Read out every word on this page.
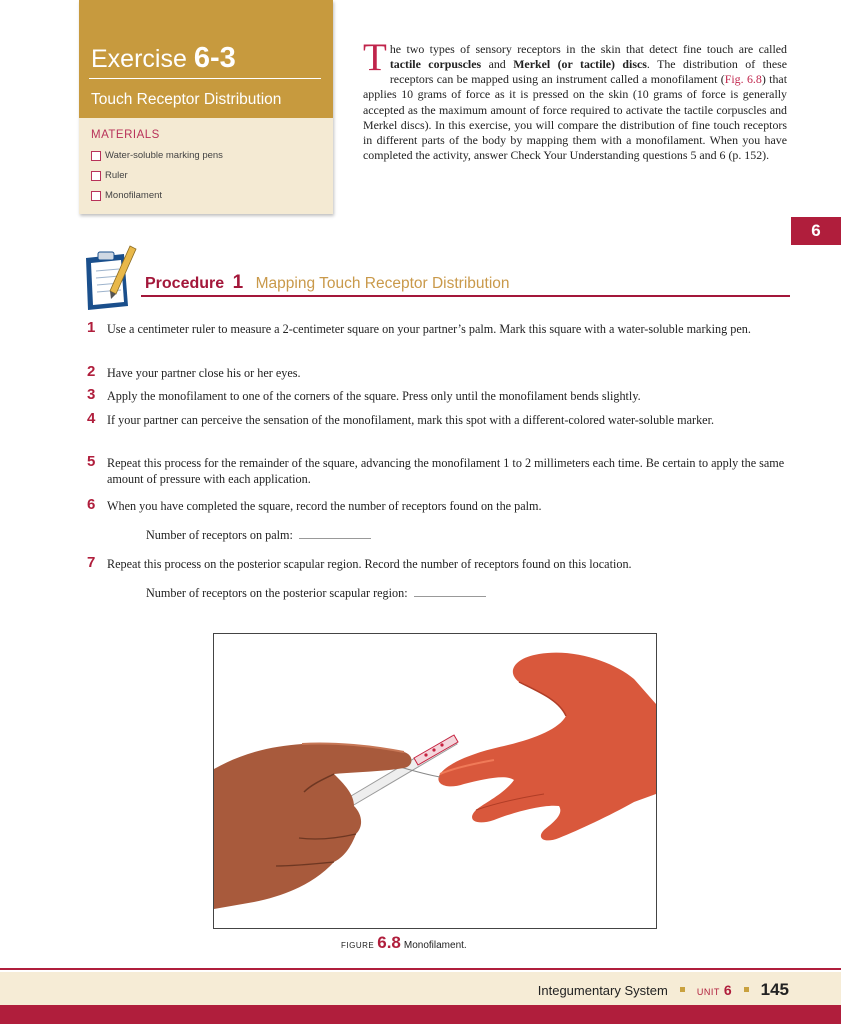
Exercise 6-3
Touch Receptor Distribution
MATERIALS
Water-soluble marking pens
Ruler
Monofilament
The two types of sensory receptors in the skin that detect fine touch are called tactile corpuscles and Merkel (or tactile) discs. The distribution of these receptors can be mapped using an instrument called a monofilament (Fig. 6.8) that applies 10 grams of force as it is pressed on the skin (10 grams of force is generally accepted as the maximum amount of force required to activate the tactile corpuscles and Merkel discs). In this exercise, you will compare the distribution of fine touch receptors in different parts of the body by mapping them with a monofilament. When you have completed the activity, answer Check Your Understanding questions 5 and 6 (p. 152).
6
Procedure 1 Mapping Touch Receptor Distribution
1 Use a centimeter ruler to measure a 2-centimeter square on your partner’s palm. Mark this square with a water-soluble marking pen.
2 Have your partner close his or her eyes.
3 Apply the monofilament to one of the corners of the square. Press only until the monofilament bends slightly.
4 If your partner can perceive the sensation of the monofilament, mark this spot with a different-colored water-soluble marker.
5 Repeat this process for the remainder of the square, advancing the monofilament 1 to 2 millimeters each time. Be certain to apply the same amount of pressure with each application.
6 When you have completed the square, record the number of receptors found on the palm.
Number of receptors on palm:
7 Repeat this process on the posterior scapular region. Record the number of receptors found on this location.
Number of receptors on the posterior scapular region:
FIGURE 6.8 Monofilament.
Integumentary System	UNIT 6 145
